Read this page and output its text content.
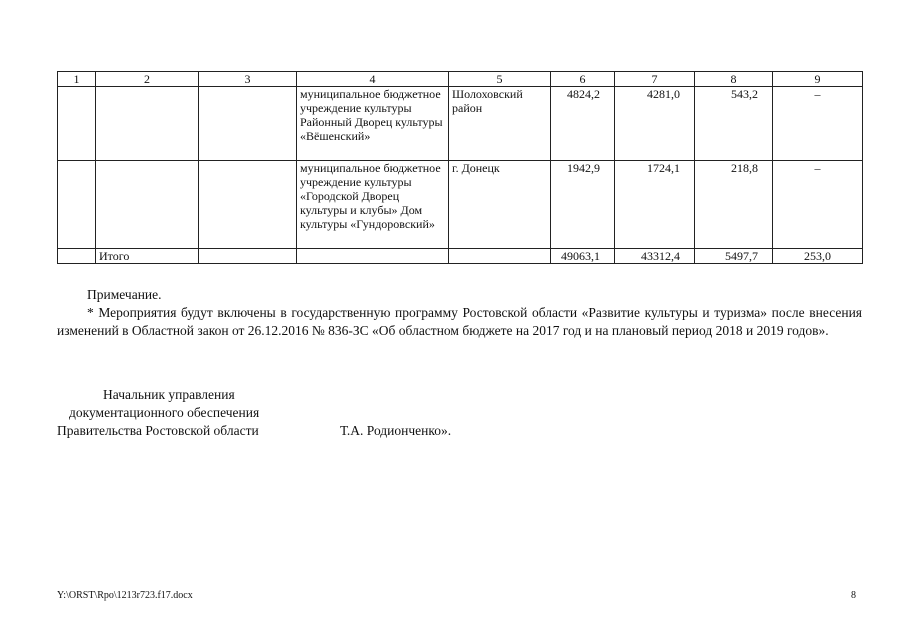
1	2	3	4	5	6	7	8	9
			муниципальное бюджетное учреждение культуры Районный Дворец культуры «Вёшенский»	Шолоховский район	4824,2	4281,0	543,2	–
			муниципальное бюджетное учреждение культуры «Городской Дворец культуры и клубы» Дом культуры «Гундоровский»	г. Донецк	1942,9	1724,1	218,8	–
	Итого				49063,1	43312,4	5497,7	253,0

Примечание.

* Мероприятия будут включены в государственную программу Ростовской области «Развитие культуры и туризма» после внесения изменений в Областной закон от 26.12.2016 № 836-ЗС «Об областном бюджете на 2017 год и на плановый период 2018 и 2019 годов».

Начальник управления
документационного обеспечения
Правительства Ростовской области	Т.А. Родионченко».
Y:\ORST\Rpo\1213r723.f17.docx	8
